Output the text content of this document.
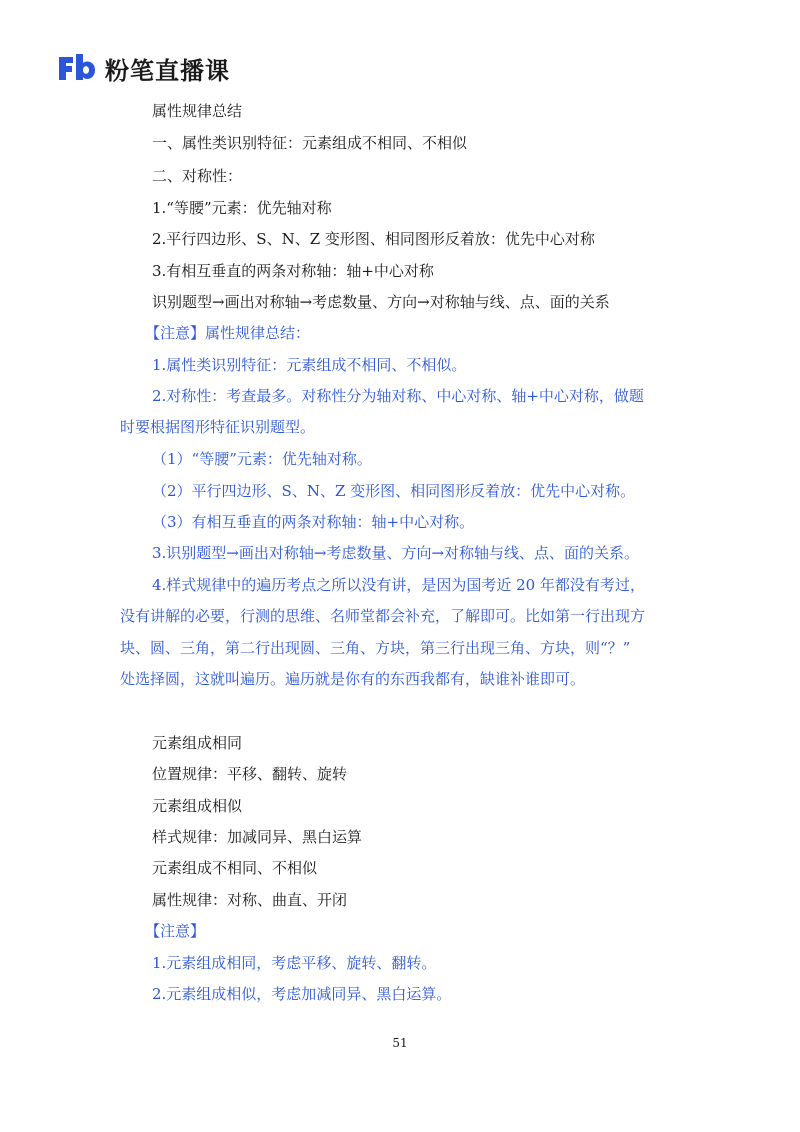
粉笔直播课
属性规律总结
一、属性类识别特征：元素组成不相同、不相似
二、对称性：
1.“等腰”元素：优先轴对称
2.平行四边形、S、N、Z 变形图、相同图形反着放：优先中心对称
3.有相互垂直的两条对称轴：轴+中心对称
识别题型→画出对称轴→考虑数量、方向→对称轴与线、点、面的关系
【注意】属性规律总结：
1.属性类识别特征：元素组成不相同、不相似。
2.对称性：考查最多。对称性分为轴对称、中心对称、轴+中心对称，做题
时要根据图形特征识别题型。
（1）“等腰”元素：优先轴对称。
（2）平行四边形、S、N、Z 变形图、相同图形反着放：优先中心对称。
（3）有相互垂直的两条对称轴：轴+中心对称。
3.识别题型→画出对称轴→考虑数量、方向→对称轴与线、点、面的关系。
4.样式规律中的遍历考点之所以没有讲，是因为国考近 20 年都没有考过，
没有讲解的必要，行测的思维、名师堂都会补充，了解即可。比如第一行出现方
块、圆、三角，第二行出现圆、三角、方块，第三行出现三角、方块，则“？”
处选择圆，这就叫遍历。遍历就是你有的东西我都有，缺谁补谁即可。
元素组成相同
位置规律：平移、翻转、旋转
元素组成相似
样式规律：加减同异、黑白运算
元素组成不相同、不相似
属性规律：对称、曲直、开闭
【注意】
1.元素组成相同，考虑平移、旋转、翻转。
2.元素组成相似，考虑加减同异、黑白运算。
51
